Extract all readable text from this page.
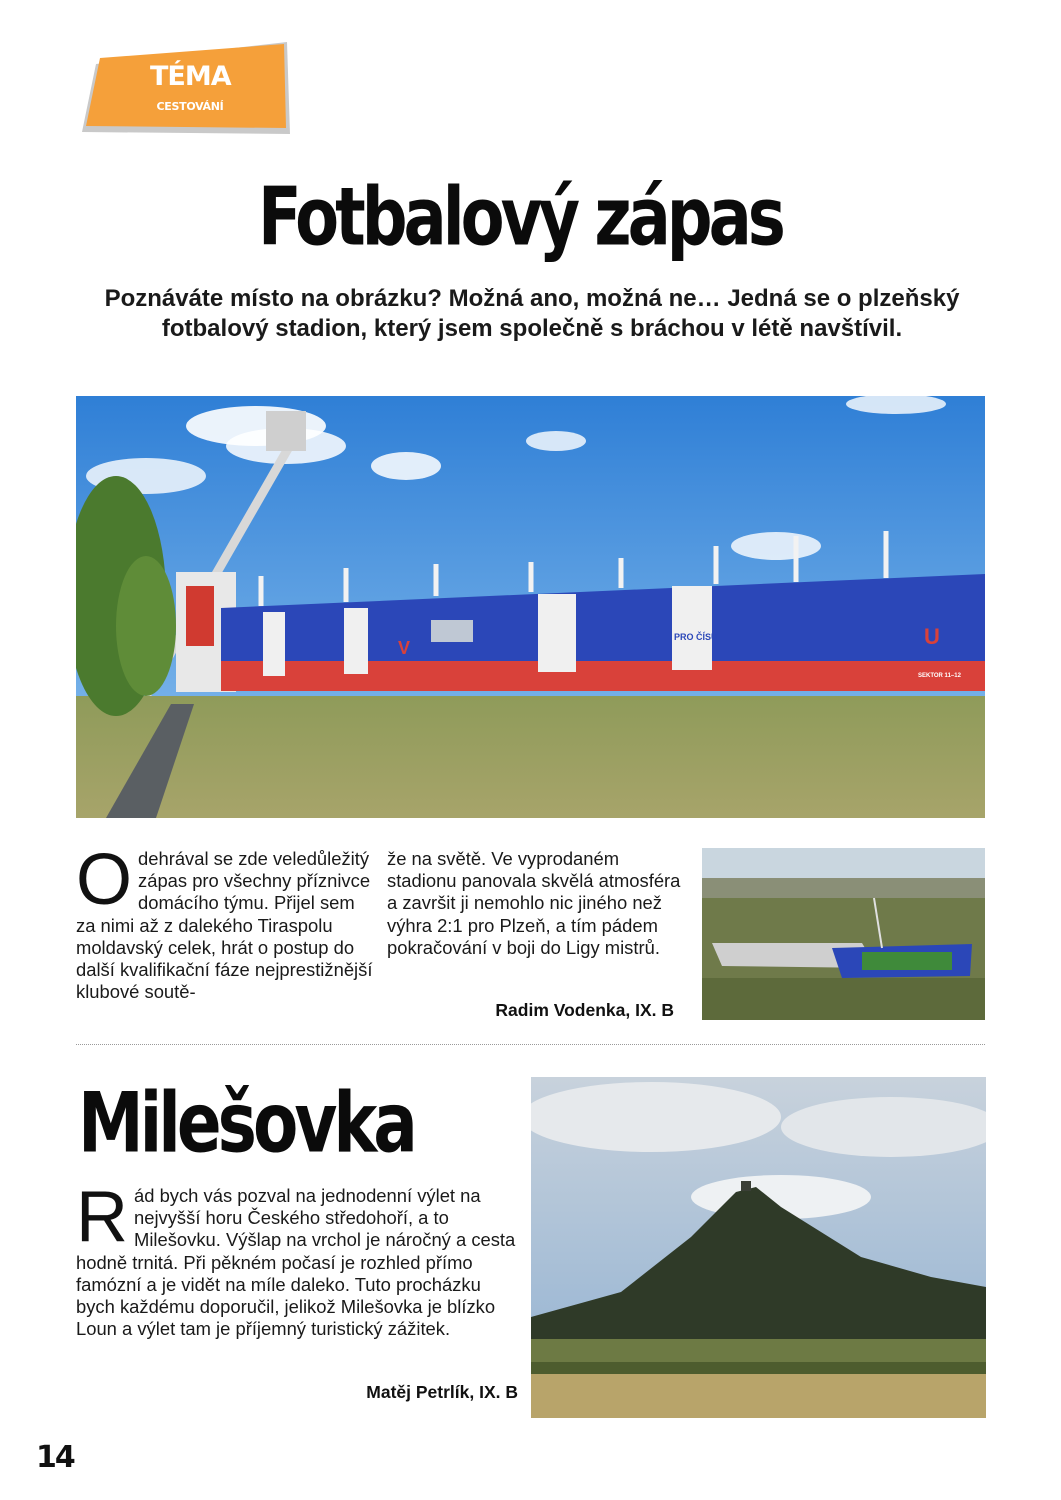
TÉMA
CESTOVÁNÍ
Fotbalový zápas
Poznáváte místo na obrázku? Možná ano, možná ne… Jedná se o plzeňský fotbalový stadion, který jsem společně s bráchou v létě navštívil.
V	U
PRO ČÍSU
SEKTOR 11–12
Odehrával se zde veledůležitý zápas pro všechny příznivce domácího týmu. Přijel sem za nimi až z dalekého Tiraspolu moldavský celek, hrát o postup do další kvalifikační fáze nejprestižnější klubové soutě-
že na světě. Ve vyprodaném stadionu panovala skvělá atmosféra a završit ji nemohlo nic jiného než výhra 2:1 pro Plzeň, a tím pádem pokračování v boji do Ligy mistrů.
Radim Vodenka, IX. B
Milešovka
Rád bych vás pozval na jednodenní výlet na nejvyšší horu Českého středohoří, a to Milešovku. Výšlap na vrchol je náročný a cesta hodně trnitá. Při pěkném počasí je rozhled přímo famózní a je vidět na míle daleko. Tuto procházku bych každému doporučil, jelikož Milešovka je blízko Loun a výlet tam je příjemný turistický zážitek.
Matěj Petrlík, IX. B
14
